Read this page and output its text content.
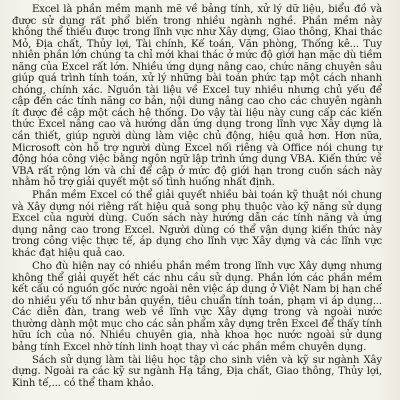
Excel là phần mềm mạnh mẽ về bảng tính, xử lý dữ liệu, biểu đồ và được sử dụng rất phổ biến trong nhiều ngành nghề. Phần mềm này không thể thiếu được trong lĩnh vực như Xây dựng, Giao thông, Khai thác Mỏ, Địa chất, Thủy lợi, Tài chính, Kế toán, Văn phòng, Thống kê... Tuy nhiên phần lớn chúng ta chỉ mới khai thác ở mức độ giới hạn mặc dù tiềm năng của Excel rất lớn. Nhiều ứng dụng nâng cao, chức năng chuyên sâu giúp quá trình tính toán, xử lý những bài toán phức tạp một cách nhanh chóng, chính xác. Nguồn tài liệu về Excel tuy nhiều nhưng chủ yếu để cập đến các tính năng cơ bản, nội dung nâng cao cho các chuyên ngành ít được đề cập một cách hệ thống. Do vậy tài liệu này cung cấp các kiến thức Excel nâng cao và hướng dẫn ứng dụng trong lĩnh vực Xây dựng là cần thiết, giúp người dùng làm việc chủ động, hiệu quả hơn. Hơn nữa, Microsoft còn hỗ trợ người dùng Excel nối riêng và Office nói chung tự động hóa công việc bằng ngôn ngữ lập trình ứng dụng VBA. Kiến thức về VBA rất rộng lớn và chỉ để cập ở mức độ giới hạn trong cuốn sách này nhằm hỗ trợ giải quyết một số tình huống nhất định.

Phần mềm Excel có thể giải quyết nhiều bài toán kỹ thuật nói chung và Xây dựng nói riêng rất hiệu quả song phụ thuộc vào kỹ năng sử dụng Excel của người dùng. Cuốn sách này hướng dẫn các tính năng và ứng dụng nâng cao trong Excel. Người dùng có thể vận dụng kiến thức này trong công việc thực tế, áp dụng cho lĩnh vực Xây dựng và các lĩnh vực khác đạt hiệu quả cao.

Cho đù hiện nay có nhiều phần mềm trong lĩnh vực Xây dựng nhưng không thể giải quyết hết các nhu cầu sử dụng. Phần lớn các phần mềm kết cấu có nguồn gốc nước ngoài nên việc áp dụng ở Việt Nam bị hạn chế do nhiều yếu tố như bản quyền, tiêu chuẩn tính toán, phạm vi áp dụng... Các diễn đàn, trang web về lĩnh vực Xây dựng trong và ngoài nước thường dành một mục cho các sản phẩm xây dựng trên Excel để thấy tính hữu ích của nó. Nhiều chuyên gia, nhà khoa học nước ngoài sử dụng bảng tính Excel nhờ tính linh hoạt thay vì các phần mềm chuyên dụng.

Sách sử dụng làm tài liệu học tập cho sinh viên và kỹ sư ngành Xây dựng. Ngoài ra các kỹ sư ngành Hạ tầng, Địa chất, Giao thông, Thủy lợi, Kinh tế,... có thể tham khảo.
